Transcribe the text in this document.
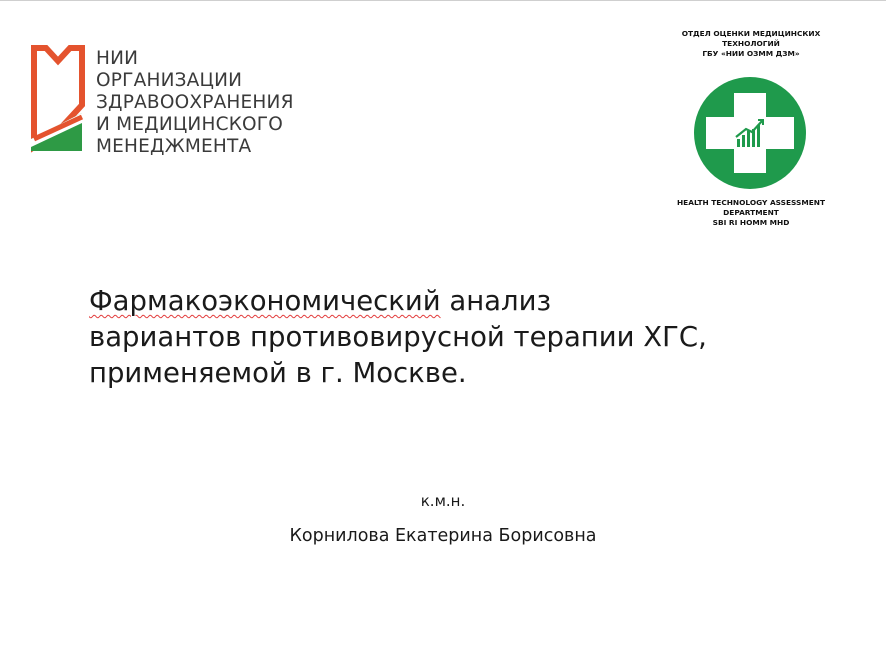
НИИ
ОРГАНИЗАЦИИ
ЗДРАВООХРАНЕНИЯ
И МЕДИЦИНСКОГО
МЕНЕДЖМЕНТА
ОТДЕЛ ОЦЕНКИ МЕДИЦИНСКИХ
ТЕХНОЛОГИЙ
ГБУ «НИИ ОЗММ ДЗМ»
HEALTH TECHNOLOGY ASSESSMENT
DEPARTMENT
SBI RI HOMM MHD
Фармакоэкономический анализ
вариантов противовирусной терапии ХГС,
применяемой в г. Москве.
к.м.н.
Корнилова Екатерина Борисовна
